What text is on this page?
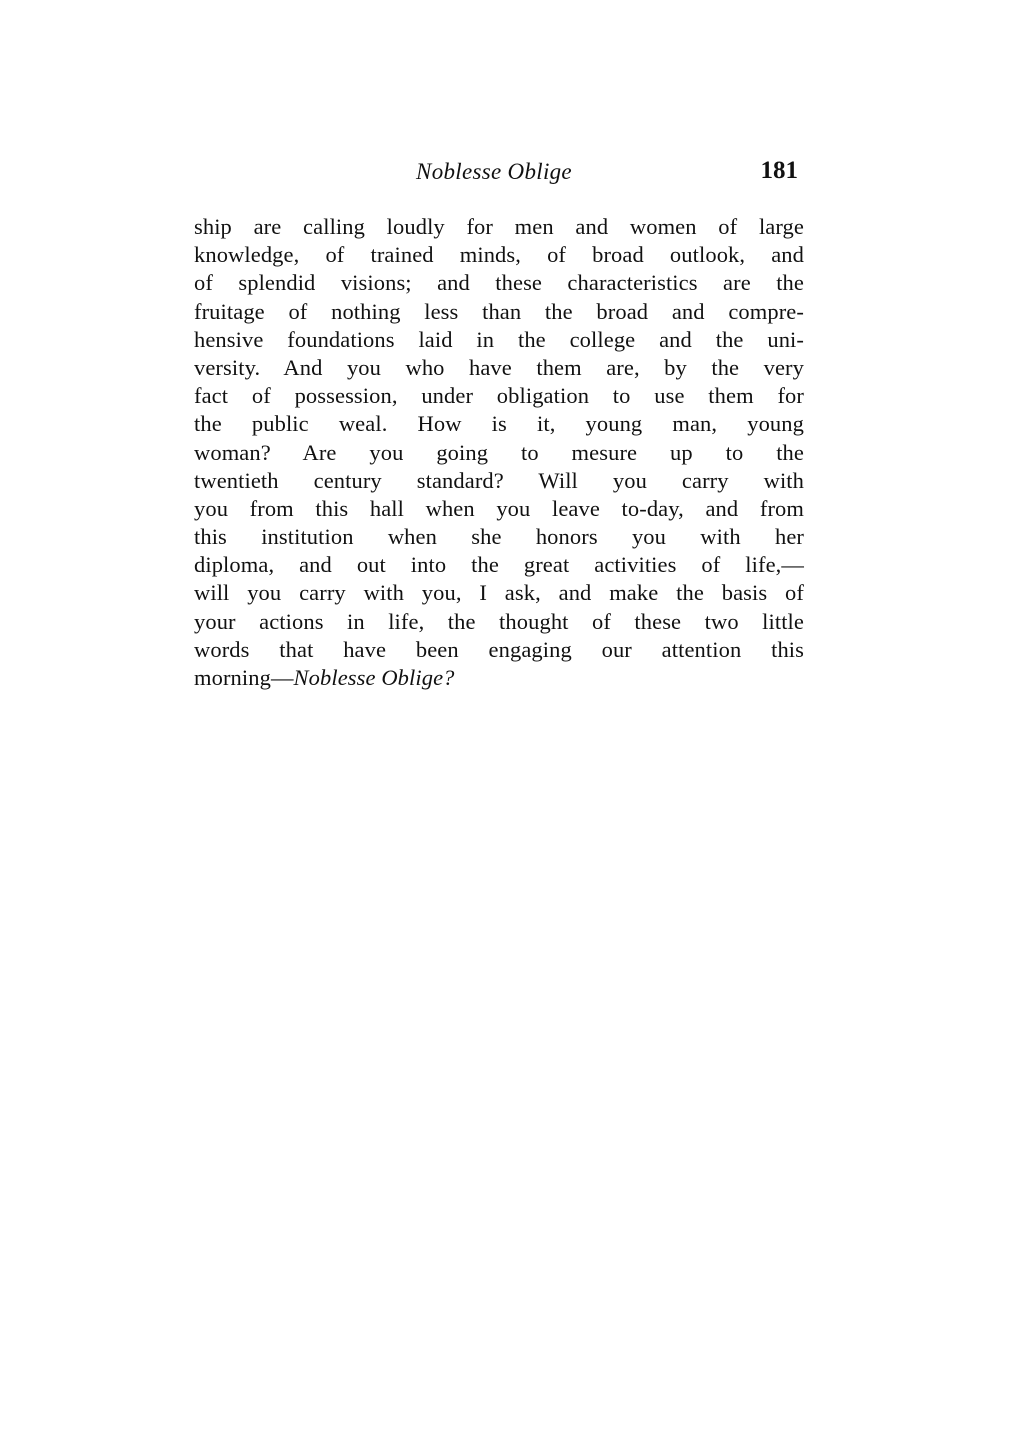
Noblesse Oblige	181
ship are calling loudly for men and women of large
knowledge, of trained minds, of broad outlook, and
of splendid visions; and these characteristics are the
fruitage of nothing less than the broad and compre-
hensive foundations laid in the college and the uni-
versity. And you who have them are, by the very
fact of possession, under obligation to use them for
the public weal. How is it, young man, young
woman? Are you going to mesure up to the
twentieth century standard? Will you carry with
you from this hall when you leave to-day, and from
this institution when she honors you with her
diploma, and out into the great activities of life,—
will you carry with you, I ask, and make the basis of
your actions in life, the thought of these two little
words that have been engaging our attention this
morning—Noblesse Oblige?
